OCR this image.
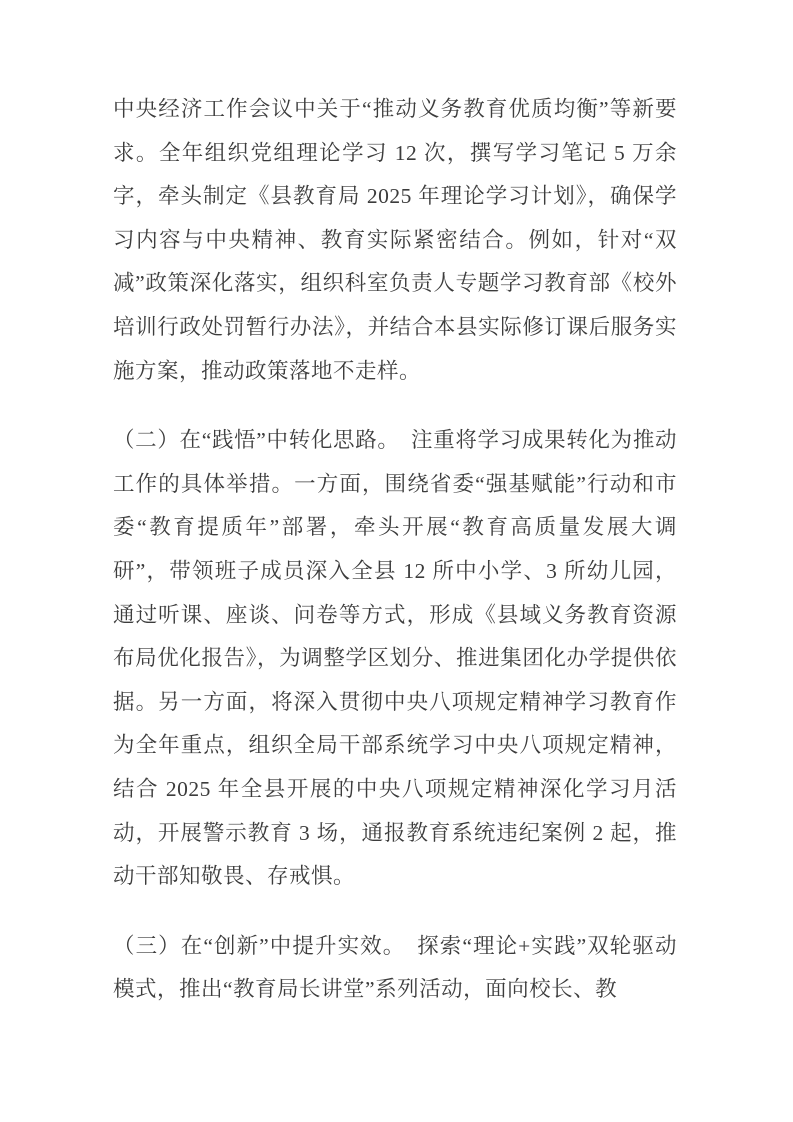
中央经济工作会议中关于“推动义务教育优质均衡”等新要求。全年组织党组理论学习 12 次，撰写学习笔记 5 万余字，牵头制定《县教育局 2025 年理论学习计划》，确保学习内容与中央精神、教育实际紧密结合。例如，针对“双减”政策深化落实，组织科室负责人专题学习教育部《校外培训行政处罚暂行办法》，并结合本县实际修订课后服务实施方案，推动政策落地不走样。

（二）在“践悟”中转化思路。　注重将学习成果转化为推动工作的具体举措。一方面，围绕省委“强基赋能”行动和市委“教育提质年”部署，牵头开展“教育高质量发展大调研”，带领班子成员深入全县 12 所中小学、3 所幼儿园，通过听课、座谈、问卷等方式，形成《县域义务教育资源布局优化报告》，为调整学区划分、推进集团化办学提供依据。另一方面，将深入贯彻中央八项规定精神学习教育作为全年重点，组织全局干部系统学习中央八项规定精神，结合 2025 年全县开展的中央八项规定精神深化学习月活动，开展警示教育 3 场，通报教育系统违纪案例 2 起，推动干部知敬畏、存戒惧。

（三）在“创新”中提升实效。　探索“理论+实践”双轮驱动模式，推出“教育局长讲堂”系列活动，面向校长、教
